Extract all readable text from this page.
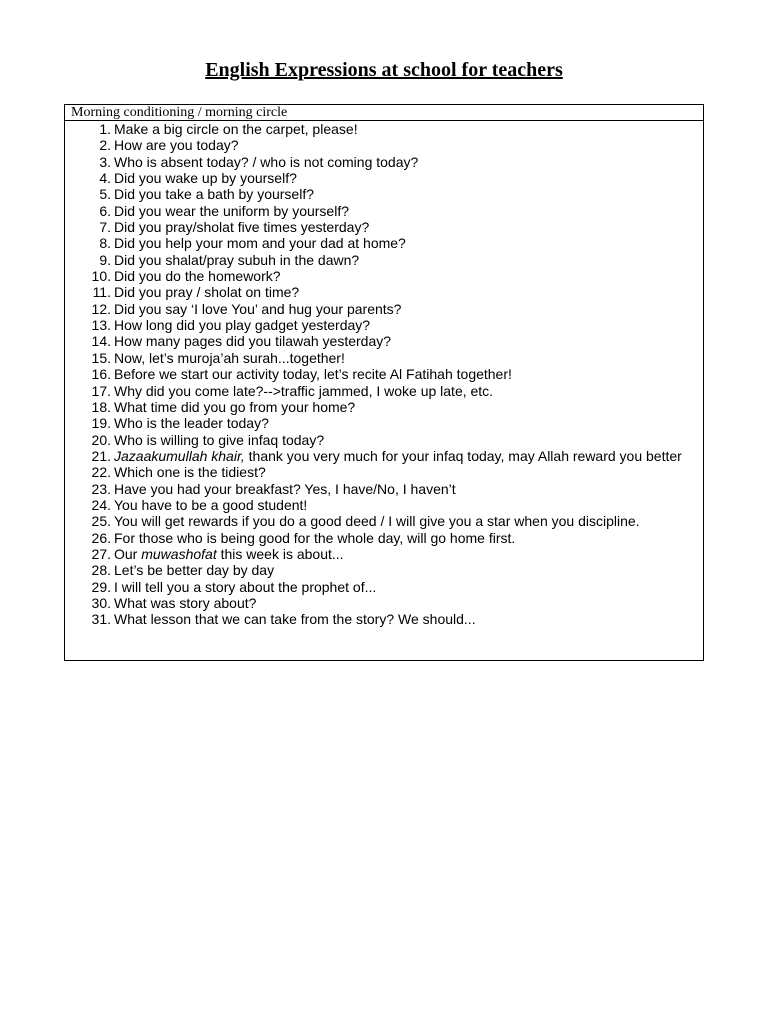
English Expressions at school for teachers
Morning conditioning / morning circle
1. Make a big circle on the carpet, please!
2. How are you today?
3. Who is absent today? / who is not coming today?
4. Did you wake up by yourself?
5. Did you take a bath by yourself?
6. Did you wear the uniform by yourself?
7. Did you pray/sholat five times yesterday?
8. Did you help your mom and your dad at home?
9. Did you shalat/pray subuh in the dawn?
10. Did you do the homework?
11. Did you pray / sholat on time?
12. Did you say ‘I love You’ and hug your parents?
13. How long did you play gadget yesterday?
14. How many pages did you tilawah yesterday?
15. Now, let’s muroja’ah surah...together!
16. Before we start our activity today, let’s recite Al Fatihah together!
17. Why did you come late?-->traffic jammed, I woke up late, etc.
18. What time did you go from your home?
19. Who is the leader today?
20. Who is willing to give infaq today?
21. Jazaakumullah khair, thank you very much for your infaq today, may Allah reward you better
22. Which one is the tidiest?
23. Have you had your breakfast? Yes, I have/No, I haven’t
24. You have to be a good student!
25. You will get rewards if you do a good deed / I will give you a star when you discipline.
26. For those who is being good for the whole day, will go home first.
27. Our muwashofat this week is about...
28. Let’s be better day by day
29. I will tell you a story about the prophet of...
30. What was story about?
31. What lesson that we can take from the story? We should...
